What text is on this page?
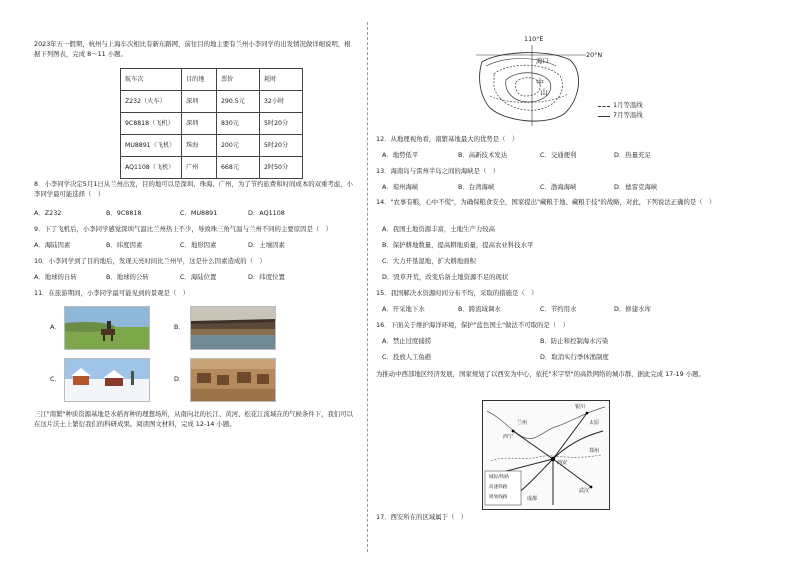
2023年五一假期，杭州与上海车次相比有新东路网，前往目的地主要有兰州小李同学的出发情况做详细说明，根据下列图表，完成 8～11 小题。
航车次	目的地	票价	耗时
Z232（火车）	深圳	290.5元	32小时
9C8818（飞机）	深圳	830元	5时20分
MU8891（飞机）	珠海	200元	5时20分
AQ1108（飞机）	广州	668元	2时50分
8．小李同学决定5月1日从兰州出发，目的地可以是深圳、珠海、广州，为了节约旅费和时间成本的双重考虑，小李同学最可能选择（　）
A．Z232	B．9C8818	C．MU8891	D．AQ1108
9．下了飞机后，小李同学感觉深圳气温比兰州热上不少，导致珠三角气温与兰州不同的主要原因是（　）
A．海陆因素	B．纬度因素	C．地形因素	D．土壤因素
10．小李同学到了目的地后，发现天亮时间比兰州早，这是什么因素造成的（　）
A．地球的自转	B．地球的公转	C．海陆位置	D．纬度位置
11．在旅游期间，小李同学最可能见到的景观是（　）
A．	B．
C．	D．
三江"南繁"种质资源基地是水稻育种的理想场所，从南向北的长江、黄河、松花江流域在的气候条件下，我们可以在这片沃土上繁衍我们的科研成果。阅读图文材料，完成 12-14 小题。
110°E
20°N
海口
中
山
1月等温线
7月等温线
12．从地理视角看，南繁基地最大的优势是（　）
A．地势低平	B．高新技术发达	C．交通便利	D．热量充足
13．海南岛与雷州半岛之间的海峡是（　）
A．琼州海峡	B．台湾海峡	C．渤海海峡	D．德雷克海峡
14．"农事有粮，心中不慌"，为确保粮食安全，国家提出"藏粮于地、藏粮于技"的战略，对此，下列说法正确的是（　）
A．我国土地资源丰富，土地生产力较高
B．保护耕地数量，提高耕地质量，提高农业科技水平
C．大力开垦湿地，扩大耕地面积
D．毁草开荒，改变后备土地资源不足的现状
15．我国解决水资源时间分布不均，采取的措施是（　）
A．开采地下水	B．跨流域调水	C．节约用水	D．修建水库
16．下面关于维护海洋环境，保护"蓝色国土"做法不可取的是（　）
A．禁止过度捕捞	B．防止和控制海水污染
C．投放人工鱼礁	D．取消实行季休渔制度
为推动中西部地区经济发展，国家规划了以西安为中心，依托"米字型"的高铁网络的城市群，据此完成 17-19 小题。
西宁
兰州
西安
银川
太原
郑州
成都
武汉
城际/铁路
高速铁路
规划线路
17．西安所在的区域属于（　）
